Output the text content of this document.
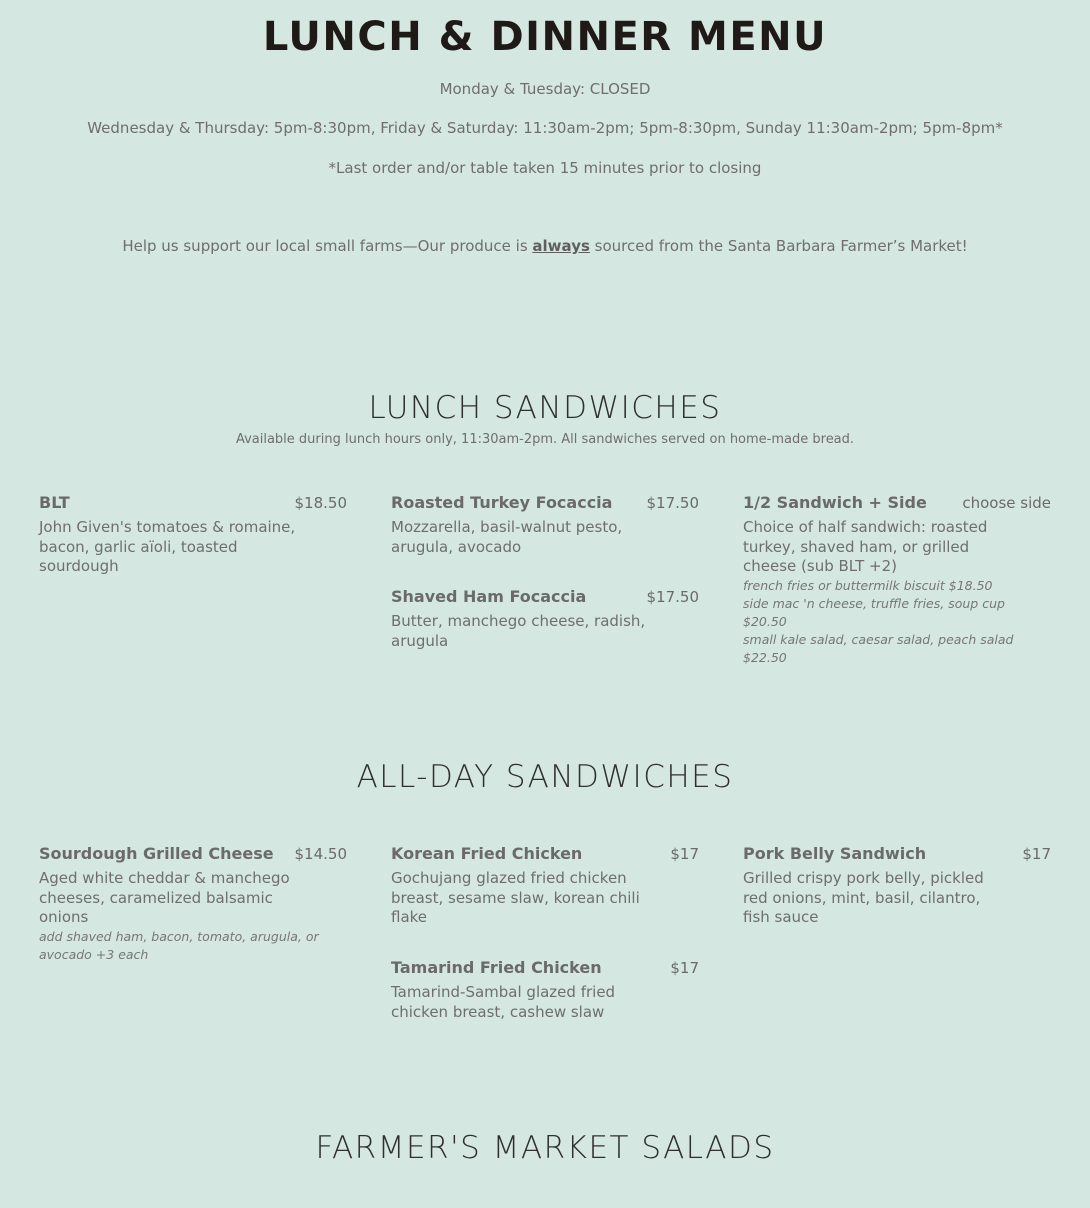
LUNCH & DINNER MENU

Monday & Tuesday: CLOSED

Wednesday & Thursday: 5pm-8:30pm, Friday & Saturday: 11:30am-2pm; 5pm-8:30pm, Sunday 11:30am-2pm; 5pm-8pm*

*Last order and/or table taken 15 minutes prior to closing

Help us support our local small farms—Our produce is always sourced from the Santa Barbara Farmer’s Market!

LUNCH SANDWICHES

Available during lunch hours only, 11:30am-2pm. All sandwiches served on home-made bread.

BLT	$18.50
John Given's tomatoes & romaine, bacon, garlic aïoli, toasted sourdough
Roasted Turkey Focaccia $17.50
Mozzarella, basil-walnut pesto, arugula, avocado
Shaved Ham Focaccia	$17.50
Butter, manchego cheese, radish, arugula
1/2 Sandwich + Side choose side
Choice of half sandwich: roasted turkey, shaved ham, or grilled cheese (sub BLT +2)
french fries or buttermilk biscuit $18.50
side mac 'n cheese, truffle fries, soup cup $20.50
small kale salad, caesar salad, peach salad $22.50
ALL-DAY SANDWICHES
Sourdough Grilled Cheese $14.50
Aged white cheddar & manchego cheeses, caramelized balsamic onions
add shaved ham, bacon, tomato, arugula, or avocado +3 each
Korean Fried Chicken	$17
Gochujang glazed fried chicken breast, sesame slaw, korean chili flake
Tamarind Fried Chicken	$17
Tamarind-Sambal glazed fried chicken breast, cashew slaw
Pork Belly Sandwich	$17
Grilled crispy pork belly, pickled red onions, mint, basil, cilantro, fish sauce
FARMER'S MARKET SALADS
